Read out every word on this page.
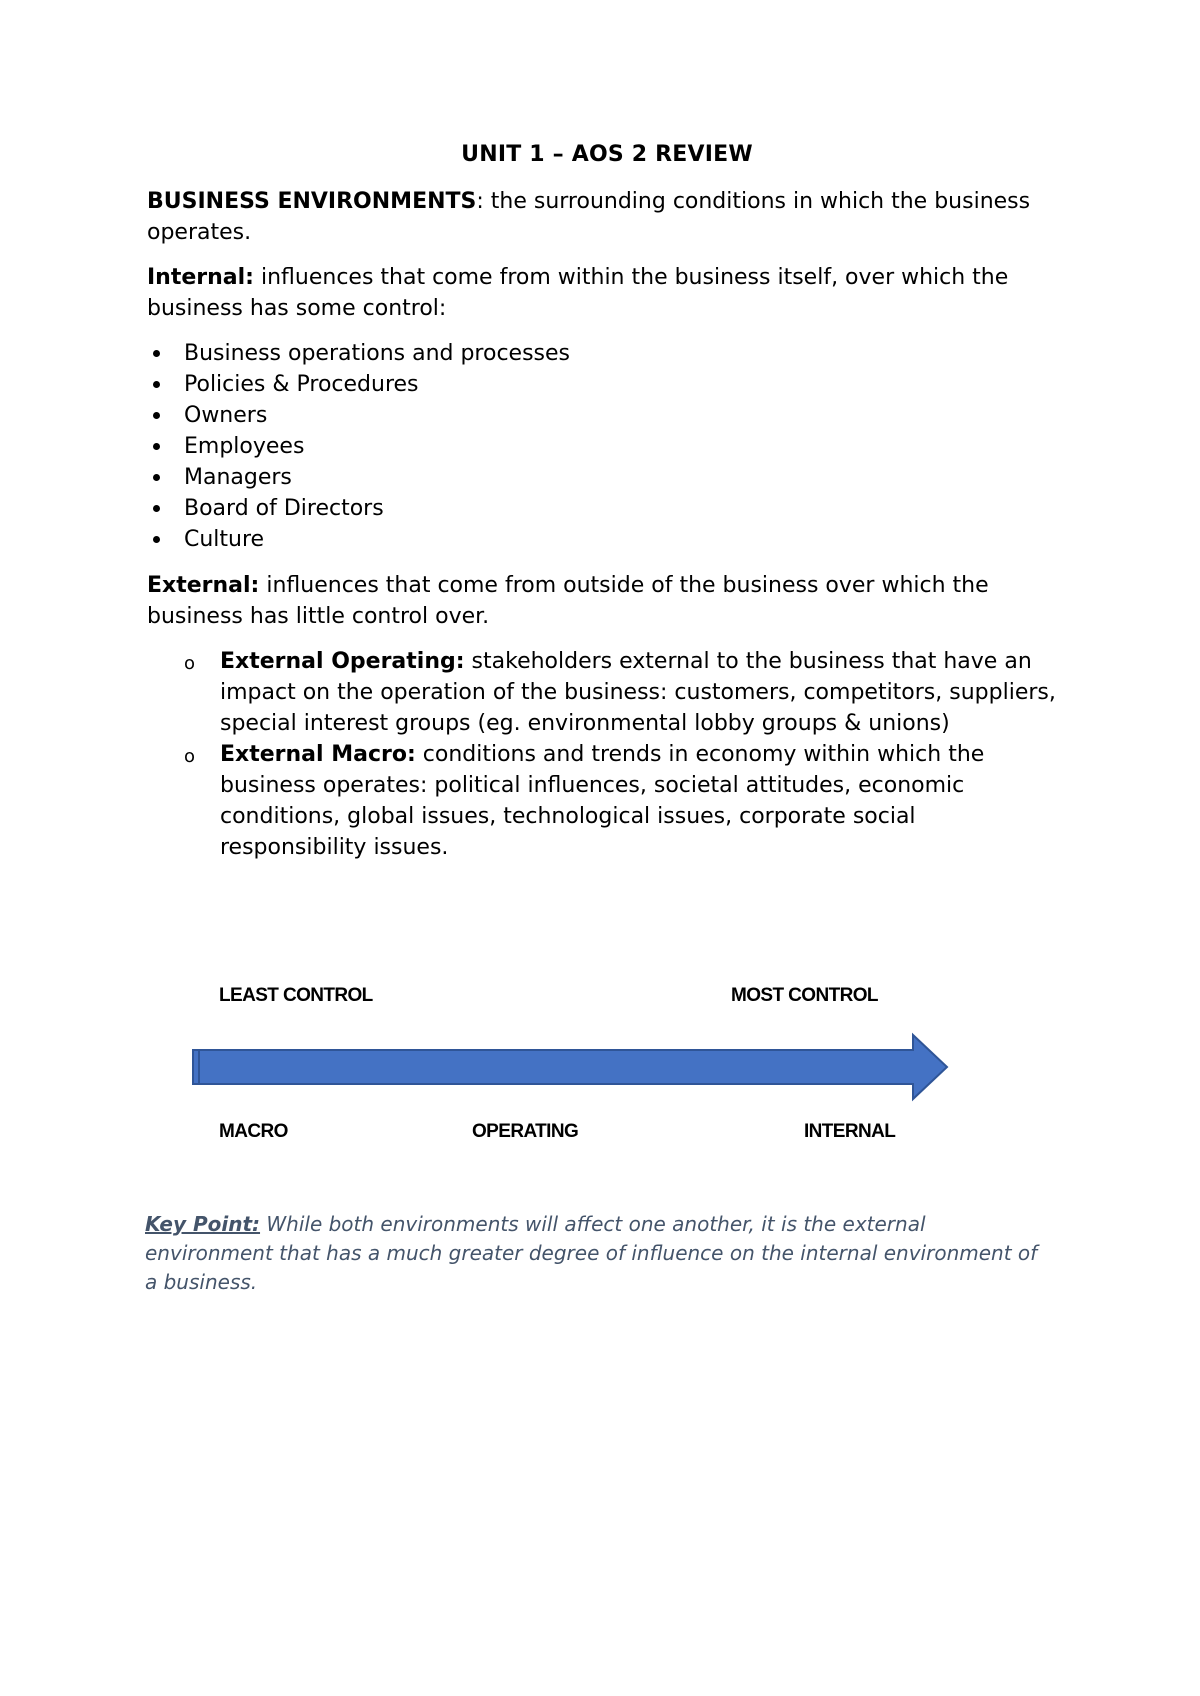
UNIT 1 – AOS 2 REVIEW

BUSINESS ENVIRONMENTS: the surrounding conditions in which the business operates.

Internal: influences that come from within the business itself, over which the business has some control:

Business operations and processes
Policies & Procedures
Owners
Employees
Managers
Board of Directors
Culture

External: influences that come from outside of the business over which the business has little control over.

o External Operating: stakeholders external to the business that have an impact on the operation of the business: customers, competitors, suppliers, special interest groups (eg. environmental lobby groups & unions)
o External Macro: conditions and trends in economy within which the business operates: political influences, societal attitudes, economic conditions, global issues, technological issues, corporate social responsibility issues.
LEAST CONTROL	MOST CONTROL
MACRO	OPERATING	INTERNAL
Key Point: While both environments will affect one another, it is the external environment that has a much greater degree of influence on the internal environment of a business.
